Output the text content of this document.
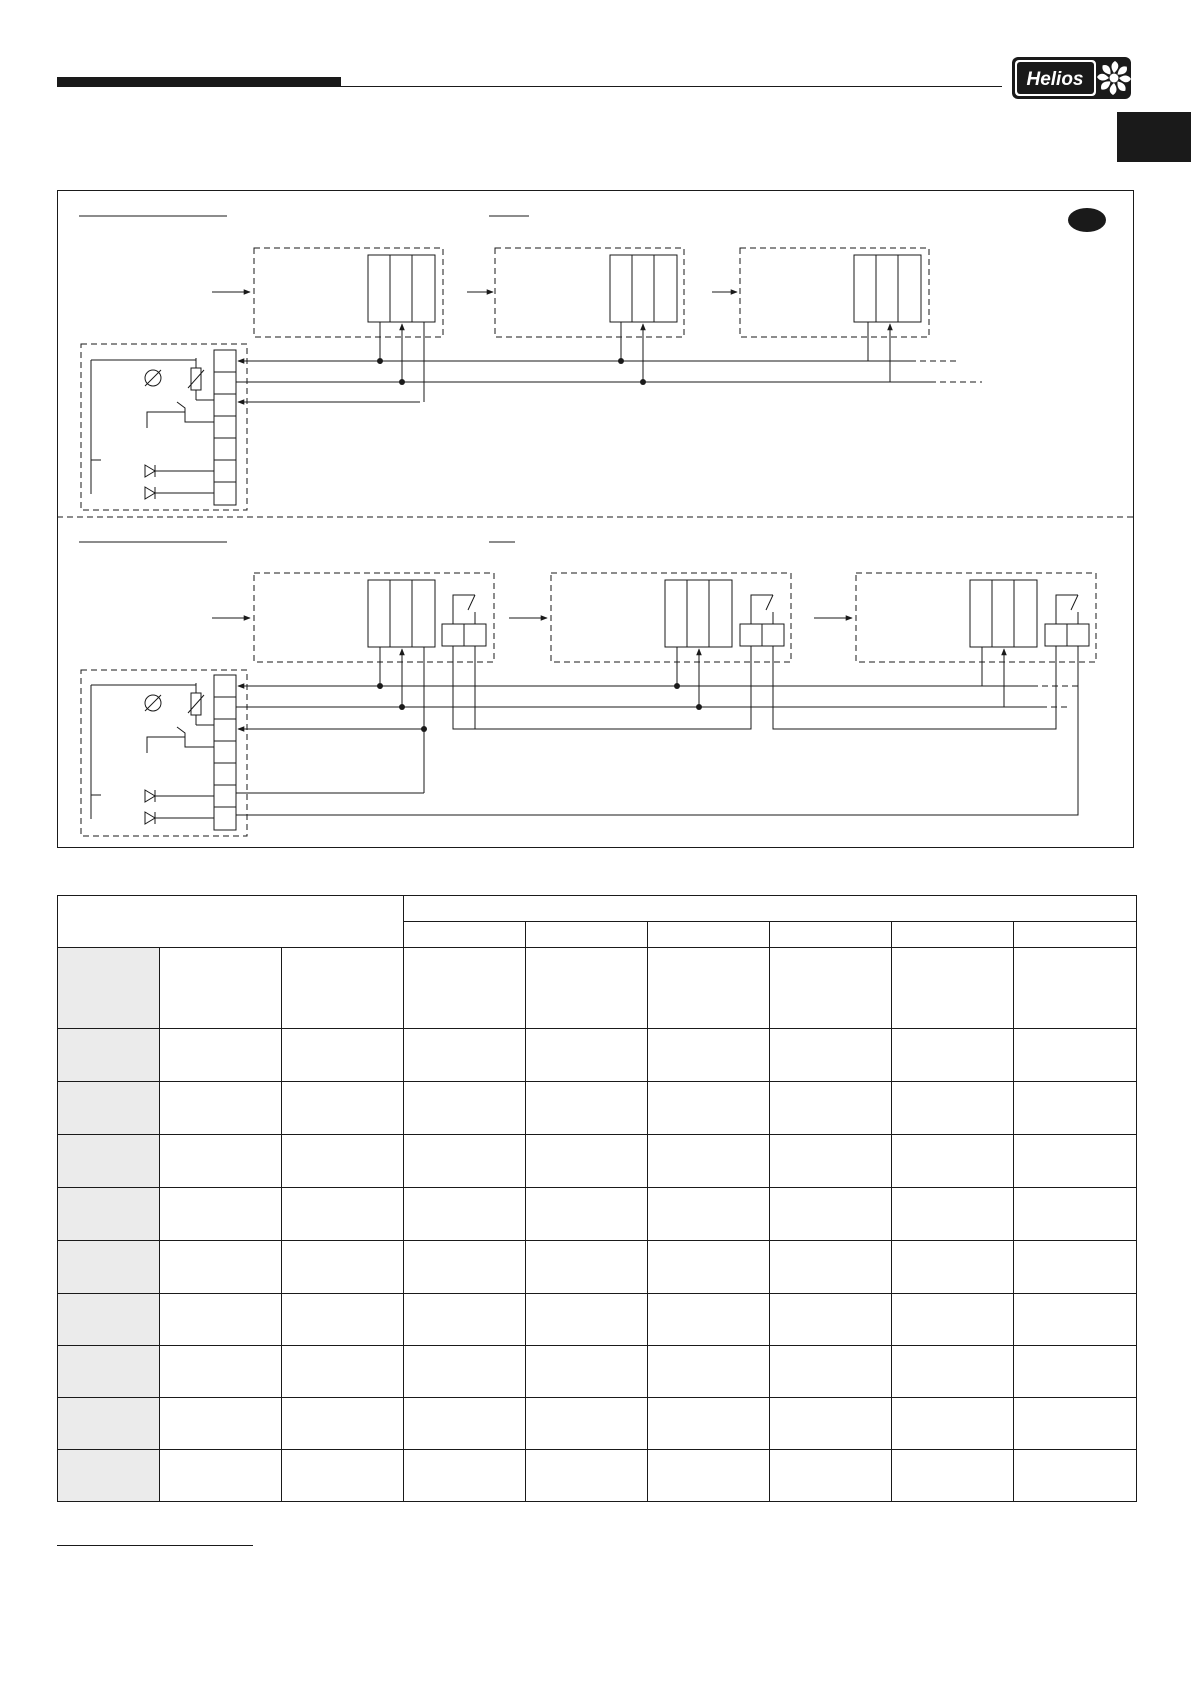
Helios
